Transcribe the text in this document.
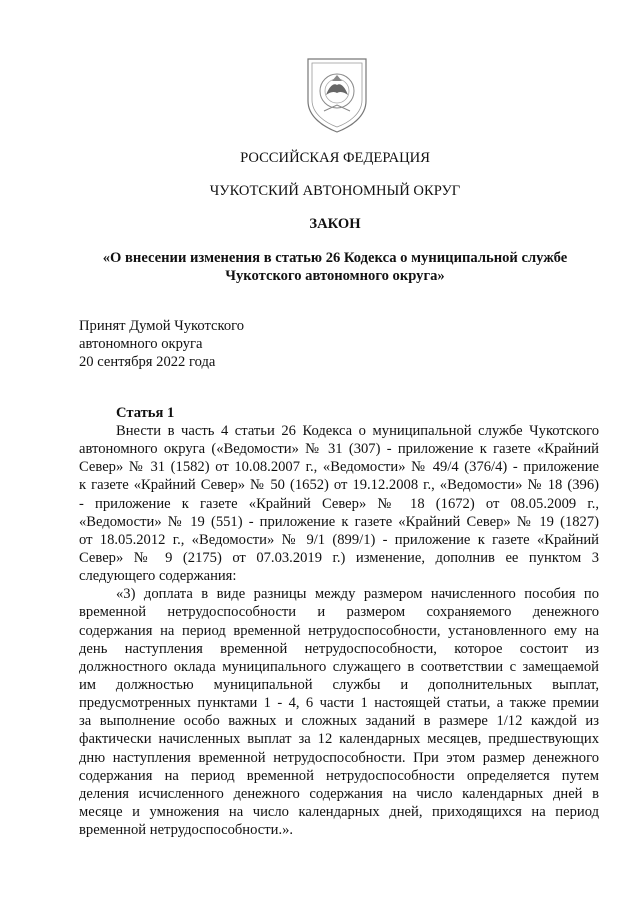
РОССИЙСКАЯ ФЕДЕРАЦИЯ
ЧУКОТСКИЙ АВТОНОМНЫЙ ОКРУГ
ЗАКОН
«О внесении изменения в статью 26 Кодекса о муниципальной службе
Чукотского автономного округа»
Принят Думой Чукотского
автономного округа
20 сентября 2022 года
Статья 1
Внести в часть 4 статьи 26 Кодекса о муниципальной службе Чукотского
автономного округа («Ведомости» № 31 (307) - приложение к газете «Крайний
Север» № 31 (1582) от 10.08.2007 г., «Ведомости» № 49/4 (376/4) - приложение
к газете «Крайний Север» № 50 (1652) от 19.12.2008 г., «Ведомости» № 18 (396)
- приложение к газете «Крайний Север» № 18 (1672) от 08.05.2009 г.,
«Ведомости» № 19 (551) - приложение к газете «Крайний Север» № 19 (1827)
от 18.05.2012 г., «Ведомости» № 9/1 (899/1) - приложение к газете «Крайний
Север» № 9 (2175) от 07.03.2019 г.) изменение, дополнив ее пунктом 3
следующего содержания:
«3) доплата в виде разницы между размером начисленного пособия по
временной нетрудоспособности и размером сохраняемого денежного
содержания на период временной нетрудоспособности, установленного ему на
день наступления временной нетрудоспособности, которое состоит из
должностного оклада муниципального служащего в соответствии с замещаемой
им должностью муниципальной службы и дополнительных выплат,
предусмотренных пунктами 1 - 4, 6 части 1 настоящей статьи, а также премии
за выполнение особо важных и сложных заданий в размере 1/12 каждой из
фактически начисленных выплат за 12 календарных месяцев, предшествующих
дню наступления временной нетрудоспособности. При этом размер денежного
содержания на период временной нетрудоспособности определяется путем
деления исчисленного денежного содержания на число календарных дней в
месяце и умножения на число календарных дней, приходящихся на период
временной нетрудоспособности.».
